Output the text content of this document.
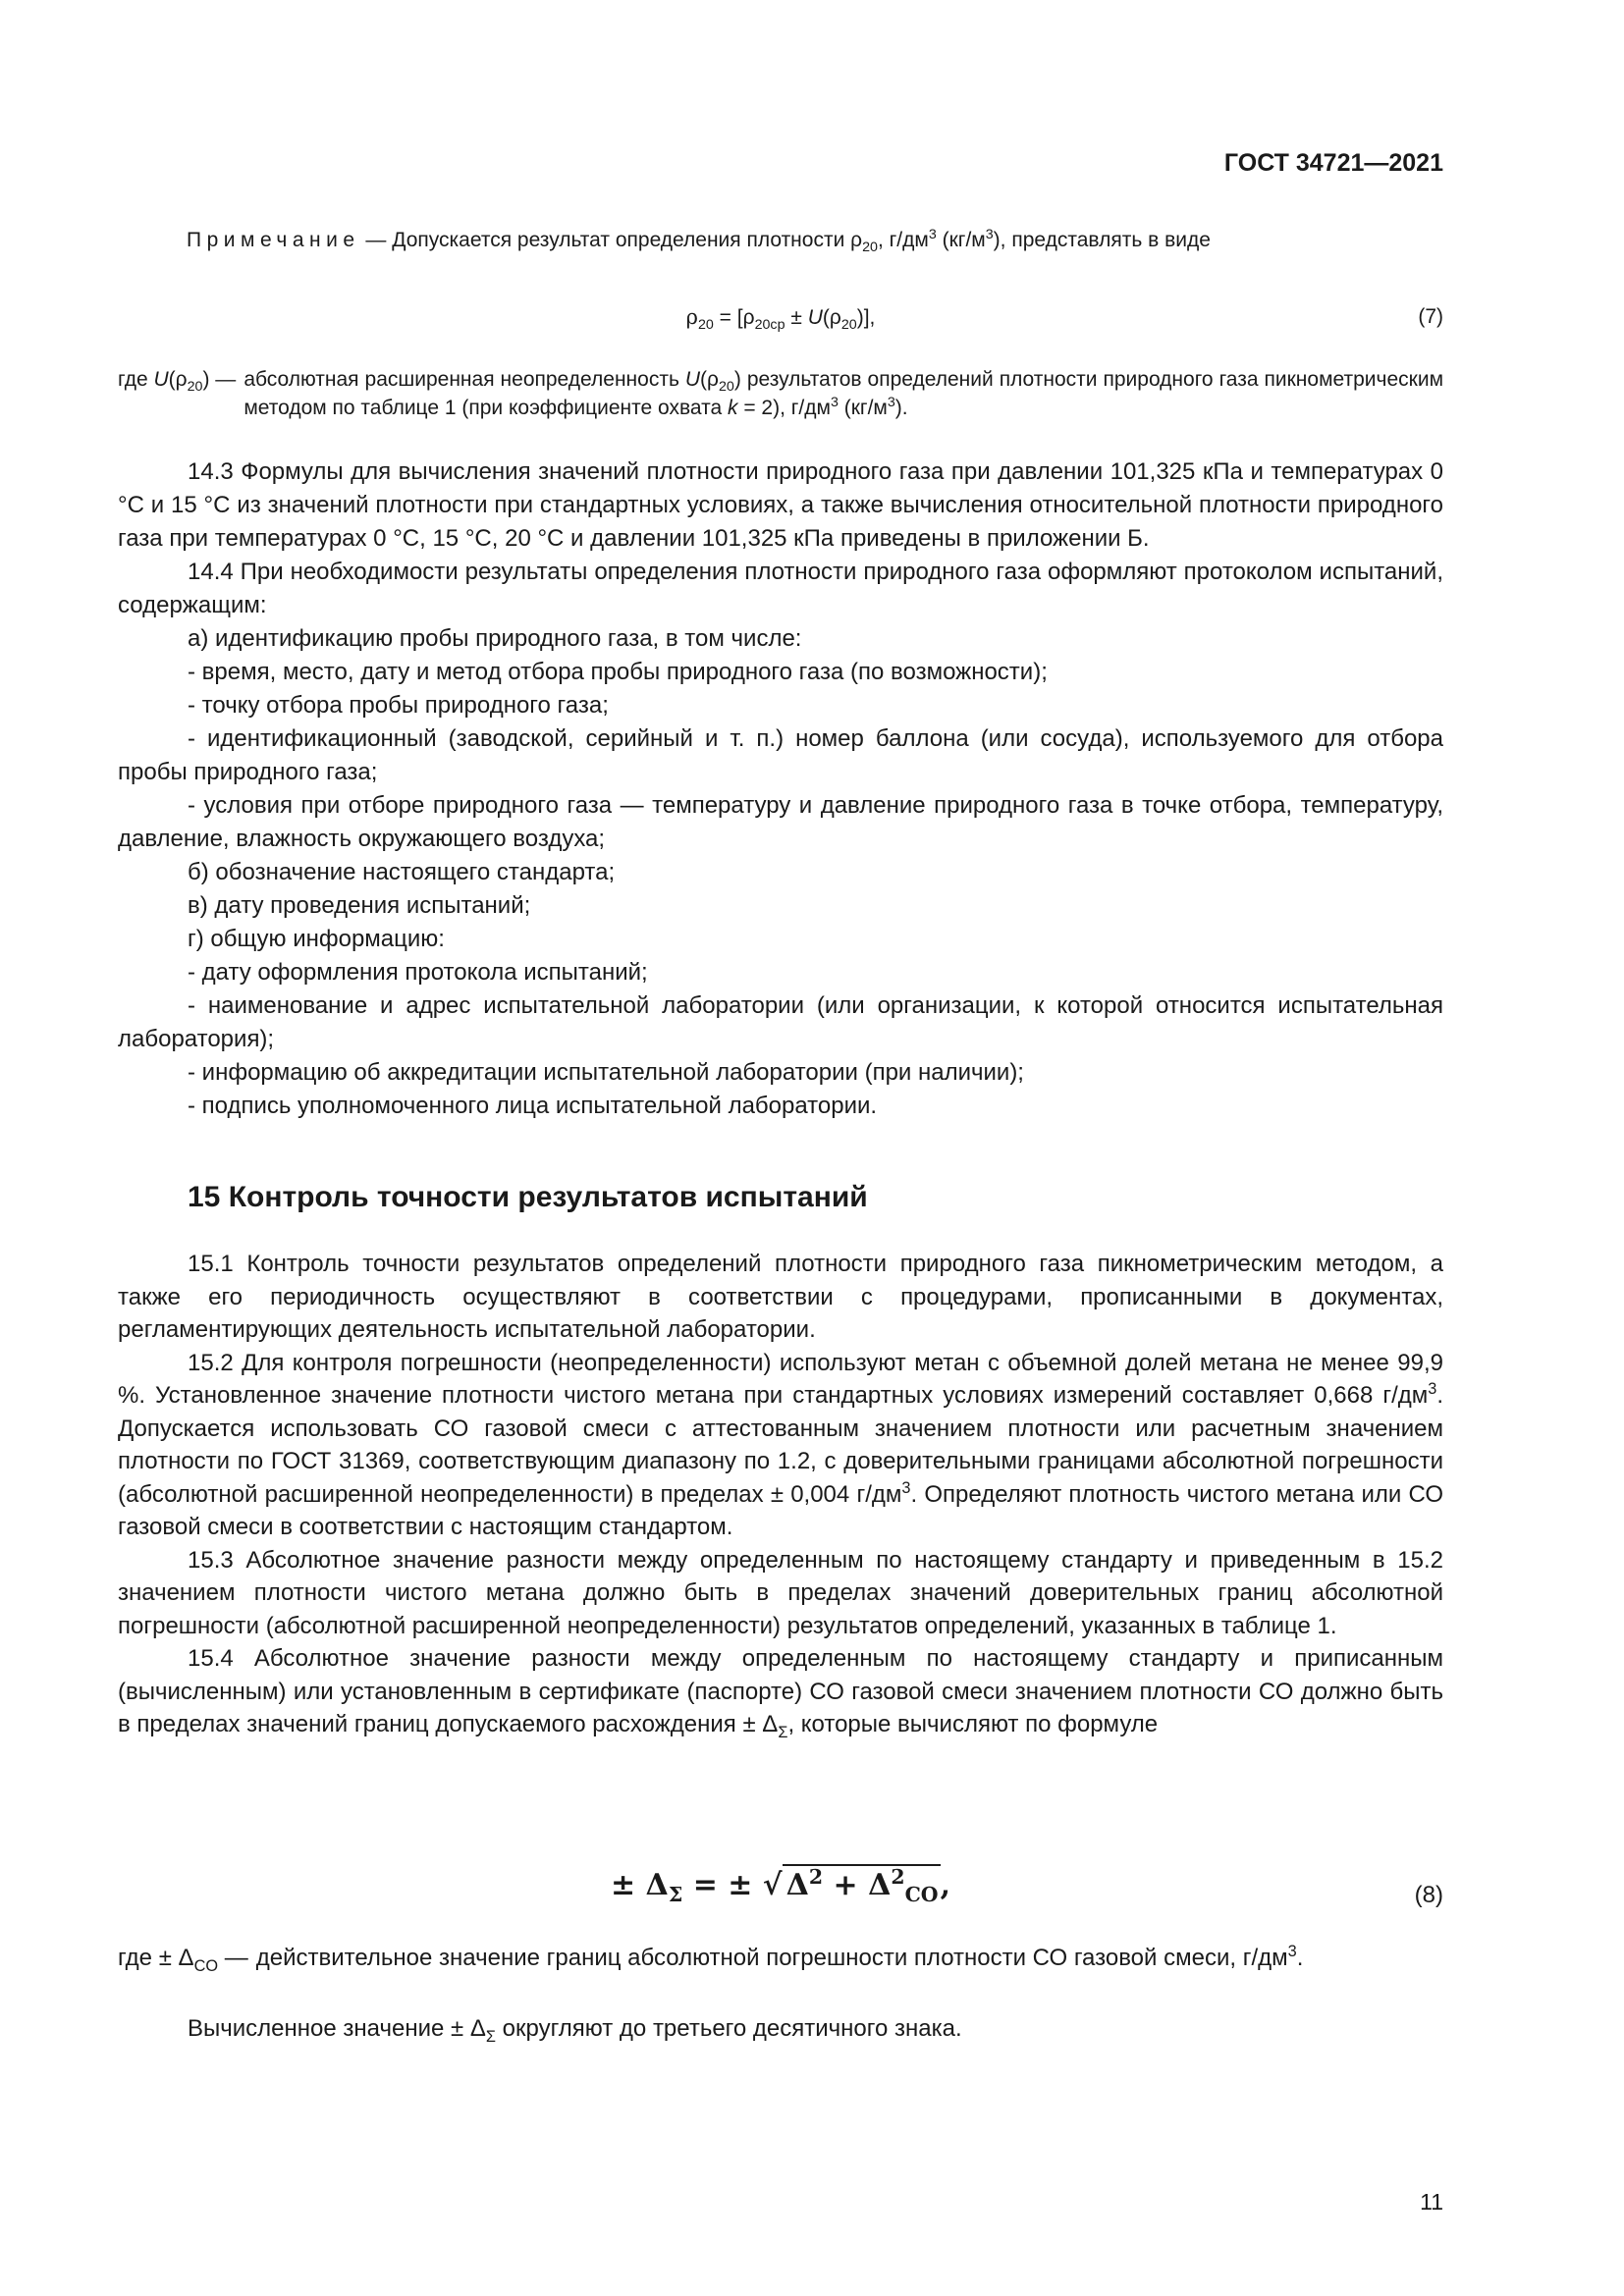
ГОСТ 34721—2021
Примечание — Допускается результат определения плотности $\rho_{20}$, $г/дм^3$ $(кг/м^3)$, представлять в виде
$\rho_{20} = [\rho_{20ср} \pm U(\rho_{20})]$,	(7)
где $U(\rho_{20})$ — абсолютная расширенная неопределенность $U(\rho_{20})$ результатов определений плотности природного газа пикнометрическим методом по таблице 1 (при коэффициенте охвата k = 2), $г/дм^3$ $(кг/м^3)$.

14.3 Формулы для вычисления значений плотности природного газа при давлении 101,325 кПа и температурах 0 °С и 15 °С из значений плотности при стандартных условиях, а также вычисления относительной плотности природного газа при температурах 0 °С, 15 °С, 20 °С и давлении 101,325 кПа приведены в приложении Б.

14.4 При необходимости результаты определения плотности природного газа оформляют протоколом испытаний, содержащим:

а) идентификацию пробы природного газа, в том числе:

- время, место, дату и метод отбора пробы природного газа (по возможности);

- точку отбора пробы природного газа;

- идентификационный (заводской, серийный и т. п.) номер баллона (или сосуда), используемого для отбора пробы природного газа;

- условия при отборе природного газа — температуру и давление природного газа в точке отбора, температуру, давление, влажность окружающего воздуха;

б) обозначение настоящего стандарта;

в) дату проведения испытаний;

г) общую информацию:

- дату оформления протокола испытаний;

- наименование и адрес испытательной лаборатории (или организации, к которой относится испытательная лаборатория);

- информацию об аккредитации испытательной лаборатории (при наличии);

- подпись уполномоченного лица испытательной лаборатории.

15 Контроль точности результатов испытаний

15.1 Контроль точности результатов определений плотности природного газа пикнометрическим методом, а также его периодичность осуществляют в соответствии с процедурами, прописанными в документах, регламентирующих деятельность испытательной лаборатории.

15.2 Для контроля погрешности (неопределенности) используют метан с объемной долей метана не менее 99,9 %. Установленное значение плотности чистого метана при стандартных условиях измерений составляет 0,668 $г/дм^3$. Допускается использовать СО газовой смеси с аттестованным значением плотности или расчетным значением плотности по ГОСТ 31369, соответствующим диапазону по 1.2, с доверительными границами абсолютной погрешности (абсолютной расширенной неопределенности) в пределах ± 0,004 $г/дм^3$. Определяют плотность чистого метана или СО газовой смеси в соответствии с настоящим стандартом.

15.3 Абсолютное значение разности между определенным по настоящему стандарту и приведенным в 15.2 значением плотности чистого метана должно быть в пределах значений доверительных границ абсолютной погрешности (абсолютной расширенной неопределенности) результатов определений, указанных в таблице 1.

15.4 Абсолютное значение разности между определенным по настоящему стандарту и приписанным (вычисленным) или установленным в сертификате (паспорте) СО газовой смеси значением плотности СО должно быть в пределах значений границ допускаемого расхождения ± $\Delta_\Sigma$, которые вычисляют по формуле

± $\Delta_\Sigma$ = ± √ $\Delta^2 + \Delta^2_{CO}$,	(8)
где ± $\Delta_{CO}$ — действительное значение границ абсолютной погрешности плотности СО газовой смеси, $г/дм^3$.
Вычисленное значение ± $\Delta_\Sigma$ округляют до третьего десятичного знака.
11
